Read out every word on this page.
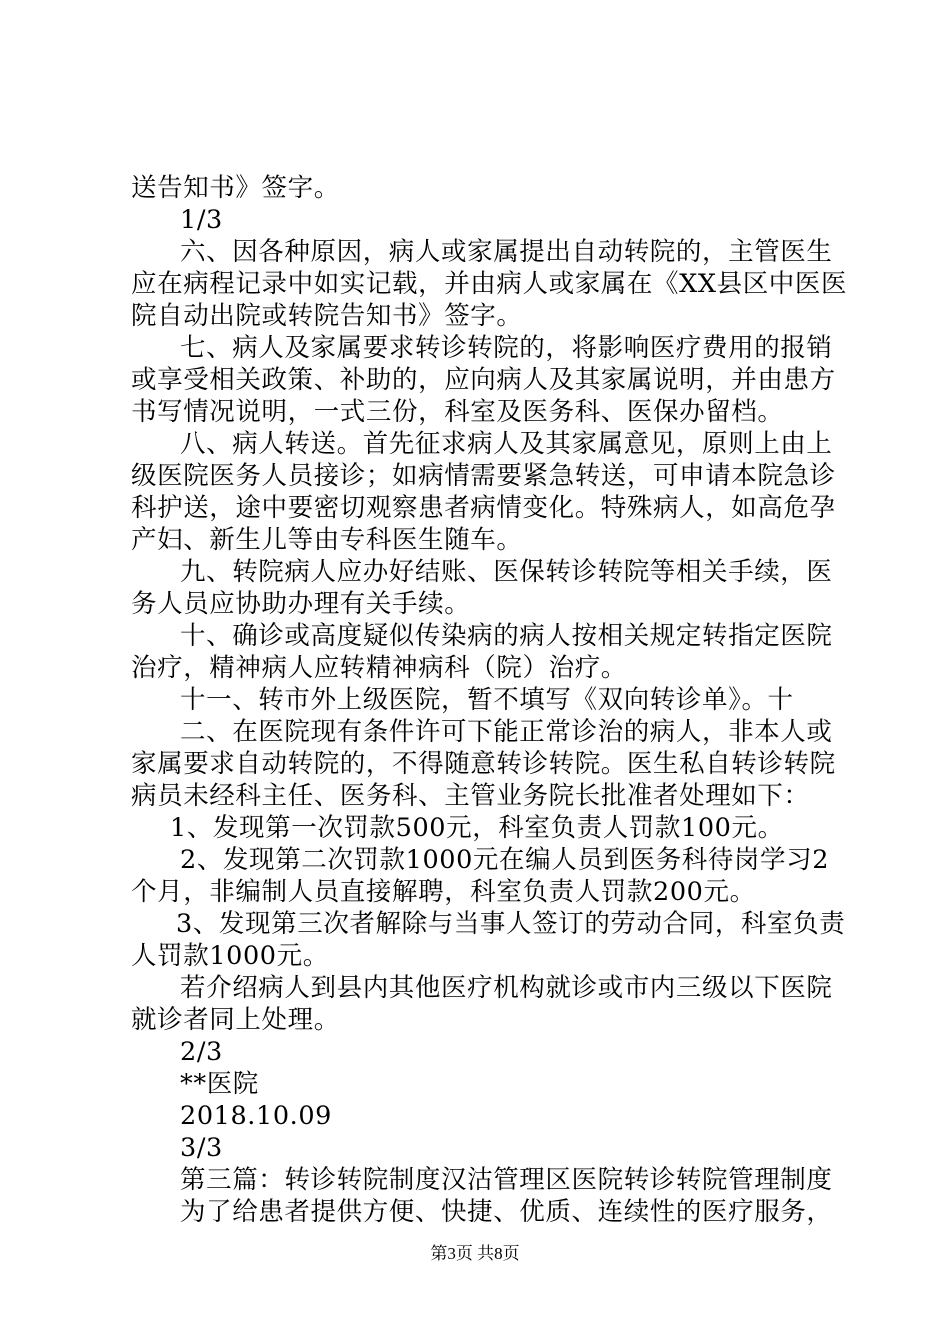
送告知书》签字。
1/3
六、因各种原因，病人或家属提出自动转院的，主管医生
应在病程记录中如实记载，并由病人或家属在《XX县区中医医
院自动出院或转院告知书》签字。
七、病人及家属要求转诊转院的，将影响医疗费用的报销
或享受相关政策、补助的，应向病人及其家属说明，并由患方
书写情况说明，一式三份，科室及医务科、医保办留档。
八、病人转送。首先征求病人及其家属意见，原则上由上
级医院医务人员接诊；如病情需要紧急转送，可申请本院急诊
科护送，途中要密切观察患者病情变化。特殊病人，如高危孕
产妇、新生儿等由专科医生随车。
九、转院病人应办好结账、医保转诊转院等相关手续，医
务人员应协助办理有关手续。
十、确诊或高度疑似传染病的病人按相关规定转指定医院
治疗，精神病人应转精神病科（院）治疗。
十一、转市外上级医院，暂不填写《双向转诊单》。十
二、在医院现有条件许可下能正常诊治的病人，非本人或
家属要求自动转院的，不得随意转诊转院。医生私自转诊转院
病员未经科主任、医务科、主管业务院长批准者处理如下：
1、发现第一次罚款500元，科室负责人罚款100元。
2、发现第二次罚款1000元在编人员到医务科待岗学习2
个月，非编制人员直接解聘，科室负责人罚款200元。
3、发现第三次者解除与当事人签订的劳动合同，科室负责
人罚款1000元。
若介绍病人到县内其他医疗机构就诊或市内三级以下医院
就诊者同上处理。
2/3
**医院
2018.10.09
3/3
第三篇：转诊转院制度汉沽管理区医院转诊转院管理制度
为了给患者提供方便、快捷、优质、连续性的医疗服务，
第3页 共8页
